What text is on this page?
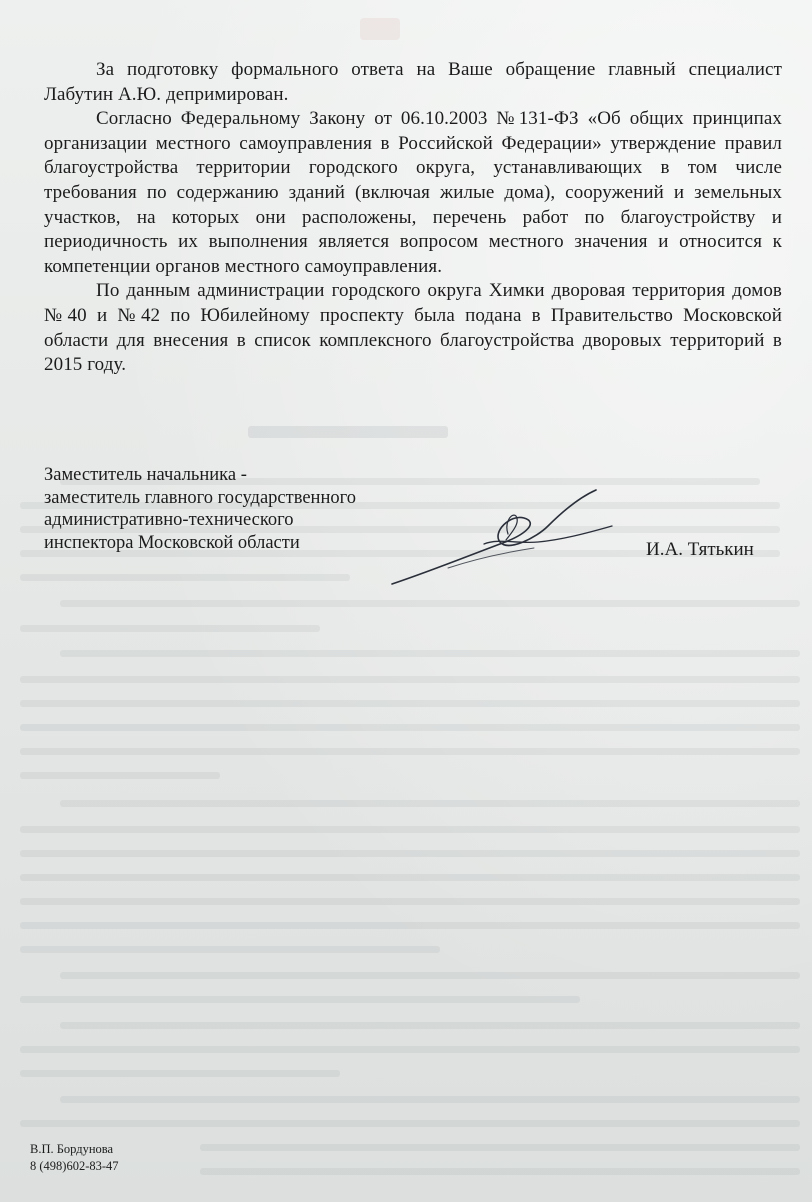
За подготовку формального ответа на Ваше обращение главный специалист Лабутин А.Ю. депримирован.

Согласно Федеральному Закону от 06.10.2003 №131-ФЗ «Об общих принципах организации местного самоуправления в Российской Федерации» утверждение правил благоустройства территории городского округа, устанавливающих в том числе требования по содержанию зданий (включая жилые дома), сооружений и земельных участков, на которых они расположены, перечень работ по благоустройству и периодичность их выполнения является вопросом местного значения и относится к компетенции органов местного самоуправления.

По данным администрации городского округа Химки дворовая территория домов №40 и №42 по Юбилейному проспекту была подана в Правительство Московской области для внесения в список комплексного благоустройства дворовых территорий в 2015 году.

Заместитель начальника -
заместитель главного государственного
административно-технического
инспектора Московской области	И.А. Тятькин
В.П. Бордунова
8 (498)602-83-47
